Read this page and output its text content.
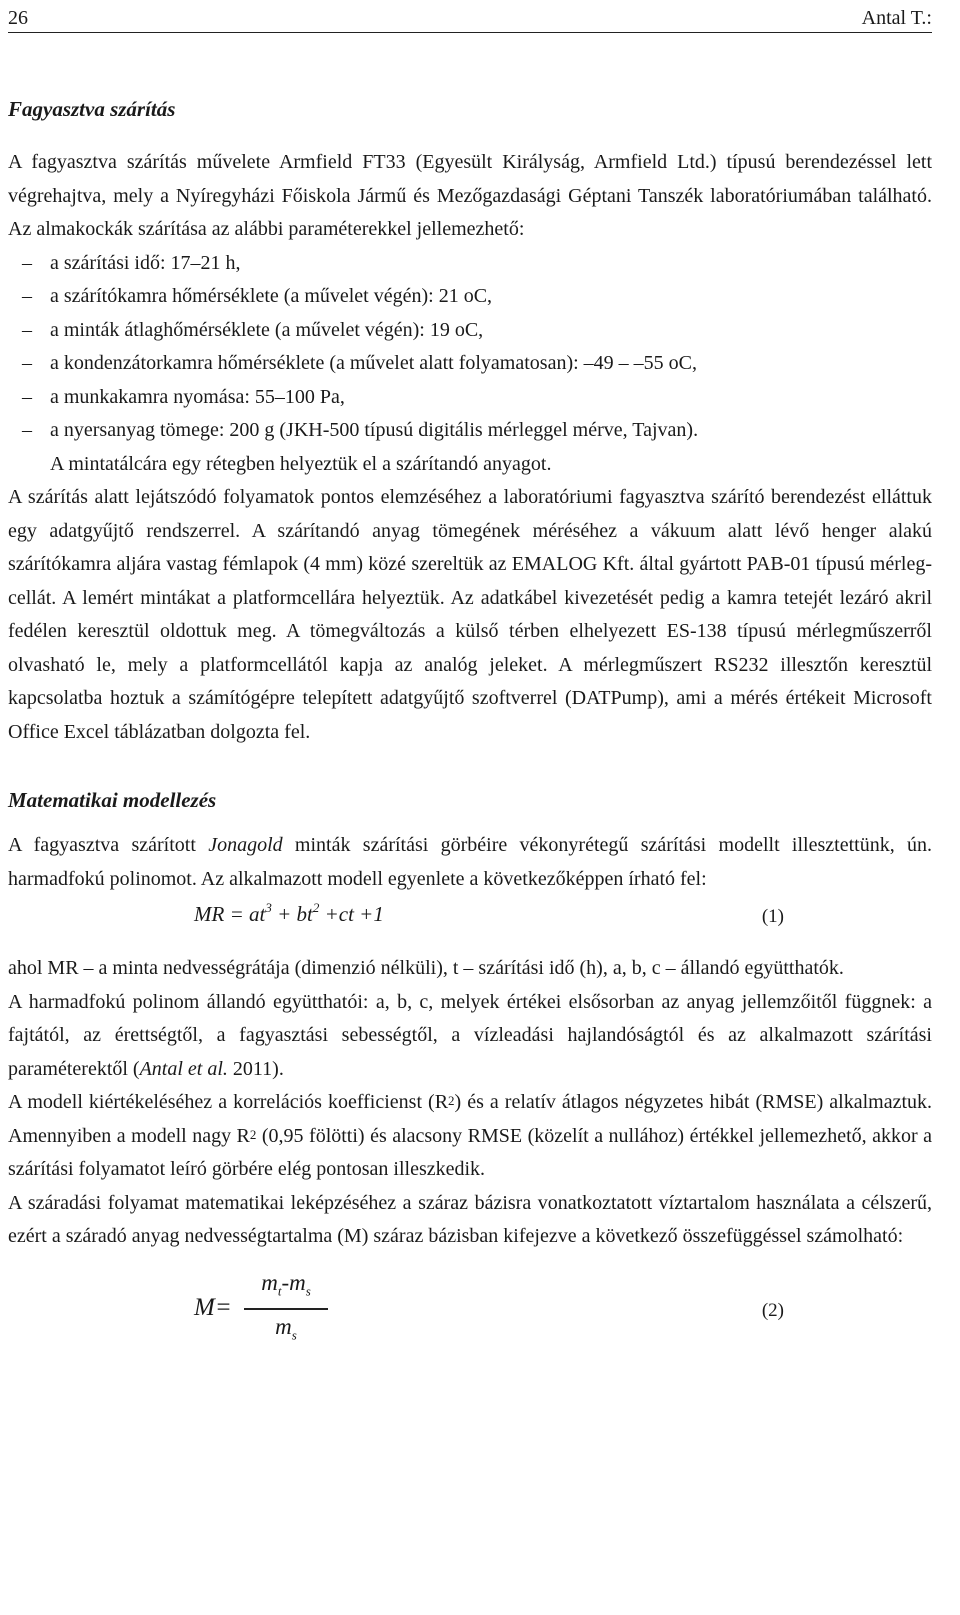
26	Antal T.:
Fagyasztva szárítás

A fagyasztva szárítás művelete Armfield FT33 (Egyesült Királyság, Armfield Ltd.) típusú berendezéssel lett végrehajtva, mely a Nyíregyházi Főiskola Jármű és Mezőgazdasági Géptani Tanszék laboratóriumában található. Az almakockák szárítása az alábbi paraméterekkel jellemezhető:

– a szárítási idő: 17–21 h,
– a szárítókamra hőmérséklete (a művelet végén): 21 oC,
– a minták átlaghőmérséklete (a művelet végén): 19 oC,
– a kondenzátorkamra hőmérséklete (a művelet alatt folyamatosan): –49 – –55 oC,
– a munkakamra nyomása: 55–100 Pa,
– a nyersanyag tömege: 200 g (JKH-500 típusú digitális mérleggel mérve, Tajvan).
A mintatálcára egy rétegben helyeztük el a szárítandó anyagot.

A szárítás alatt lejátszódó folyamatok pontos elemzéséhez a laboratóriumi fagyasztva szárító berendezést elláttuk egy adatgyűjtő rendszerrel. A szárítandó anyag tömegének méréséhez a vákuum alatt lévő henger alakú szárítókamra aljára vastag fémlapok (4 mm) közé szereltük az EMALOG Kft. által gyártott PAB-01 típusú mérleg-cellát. A lemért mintákat a platformcellára helyeztük. Az adatkábel kivezetését pedig a kamra tetejét lezáró akril fedélen keresztül oldottuk meg. A tömegváltozás a külső térben elhelyezett ES-138 típusú mérlegműszerről olvasható le, mely a platformcellától kapja az analóg jeleket. A mérlegműszert RS232 illesztőn keresztül kapcsolatba hoztuk a számítógépre telepített adatgyűjtő szoftverrel (DATPump), ami a mérés értékeit Microsoft Office Excel táblázatban dolgozta fel.

Matematikai modellezés

A fagyasztva szárított Jonagold minták szárítási görbéire vékonyrétegű szárítási modellt illesztettünk, ún. harmadfokú polinomot. Az alkalmazott modell egyenlete a következőképpen írható fel:

MR = $at^3 + bt^2 +ct +1$	(1)

ahol MR – a minta nedvességrátája (dimenzió nélküli), t – szárítási idő (h), a, b, c – állandó együtthatók.

A harmadfokú polinom állandó együtthatói: a, b, c, melyek értékei elsősorban az anyag jellemzőitől függnek: a fajtától, az érettségtől, a fagyasztási sebességtől, a vízleadási hajlandóságtól és az alkalmazott szárítási paraméterektől (Antal et al. 2011).

A modell kiértékeléséhez a korrelációs koefficienst $(R^2)$ és a relatív átlagos négyzetes hibát (RMSE) alkalmaztuk. Amennyiben a modell nagy $R^2$ (0,95 fölötti) és alacsony RMSE (közelít a nullához) értékkel jellemezhető, akkor a szárítási folyamatot leíró görbére elég pontosan illeszkedik.

A száradási folyamat matematikai leképzéséhez a száraz bázisra vonatkoztatott víztartalom használata a célszerű, ezért a száradó anyag nedvességtartalma (M) száraz bázisban kifejezve a következő összefüggéssel számolható:

M=
$m_t-m_s$
$m_s$
(2)
